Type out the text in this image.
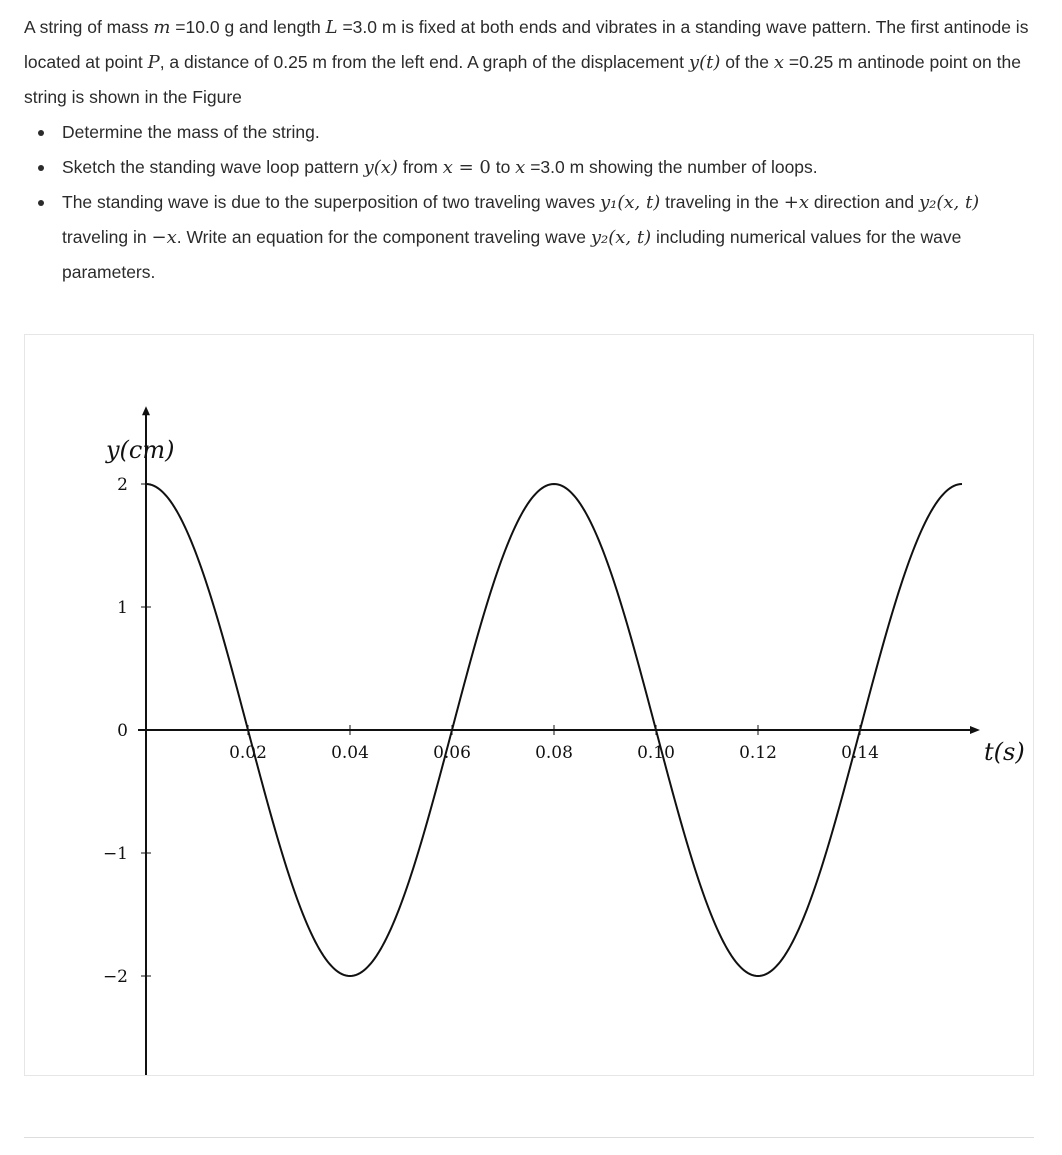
A string of mass m =10.0 g and length L =3.0 m is fixed at both ends and vibrates in a standing wave pattern. The first antinode is located at point P, a distance of 0.25 m from the left end. A graph of the displacement y(t) of the x =0.25 m antinode point on the string is shown in the Figure

Determine the mass of the string.
Sketch the standing wave loop pattern y(x) from x = 0 to x =3.0 m showing the number of loops.
The standing wave is due to the superposition of two traveling waves y₁(x, t) traveling in the +x direction and y₂(x, t) traveling in −x. Write an equation for the component traveling wave y₂(x, t) including numerical values for the wave parameters.
0.02	0.04	0.06	0.08	0.10	0.12	0.14
2
1
0
−1
−2
y(cm)
t(s)
